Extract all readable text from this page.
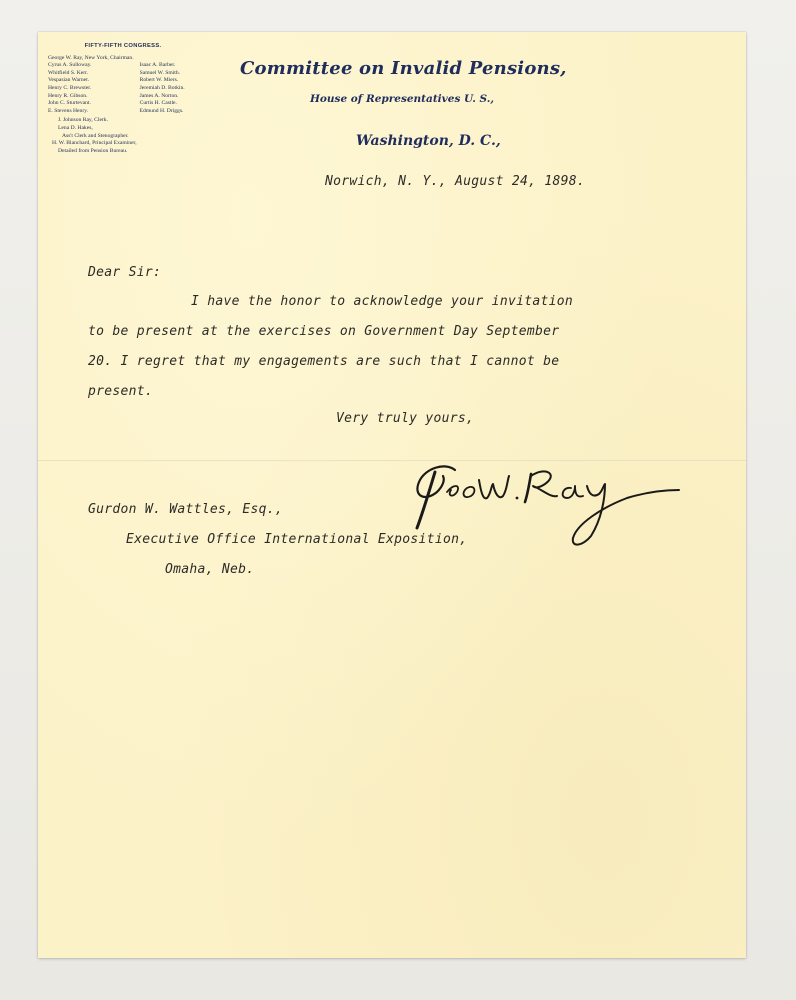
FIFTY-FIFTH CONGRESS.
George W. Ray, New York, Chairman.
Cyrus A. Sulloway.
Whitfield S. Kerr.
Vespasian Warner.
Henry C. Brewster.
Henry R. Gibson.
John C. Sturtevant.
E. Stevens Henry.
Isaac A. Barber.
Samuel W. Smith.
Robert W. Miers.
Jeremiah D. Botkin.
James A. Norton.
Curtis H. Castle.
Edmund H. Driggs.
J. Johnson Ray, Clerk.
Lena D. Hakes,
Ass't Clerk and Stenographer.
H. W. Blanchard, Principal Examiner,
Detailed from Pension Bureau.
Committee on Invalid Pensions,
House of Representatives U. S.,
Washington, D. C.,
Norwich, N. Y., August 24, 1898.
Dear Sir:
I have the honor to acknowledge your invitation
to be present at the exercises on Government Day September
20. I regret that my engagements are such that I cannot be
present.
Very truly yours,
Gurdon W. Wattles, Esq.,
Executive Office International Exposition,
Omaha, Neb.
